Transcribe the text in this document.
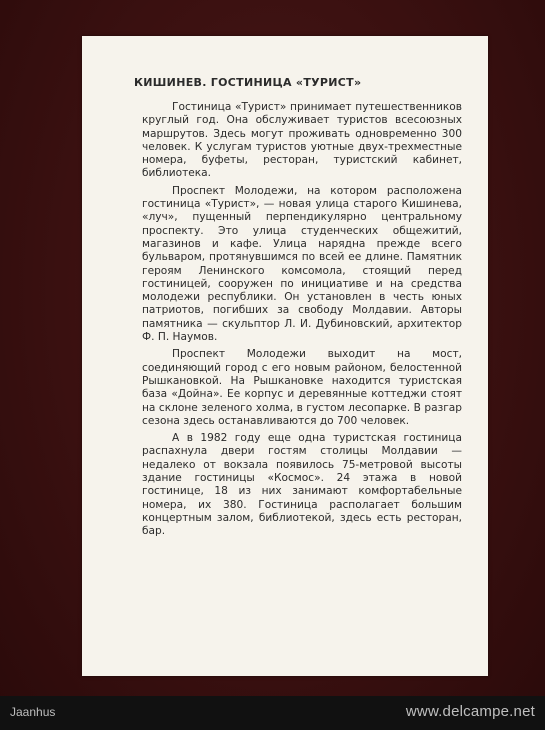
КИШИНЕВ. ГОСТИНИЦА «ТУРИСТ»

Гостиница «Турист» принимает путешественников круглый год. Она обслуживает туристов всесоюзных маршрутов. Здесь могут проживать одновременно 300 человек. К услугам туристов уютные двух-трехместные номера, буфеты, ресторан, туристский кабинет, библиотека.

Проспект Молодежи, на котором расположена гостиница «Турист», — новая улица старого Кишинева, «луч», пущенный перпендикулярно центральному проспекту. Это улица студенческих общежитий, магазинов и кафе. Улица нарядна прежде всего бульваром, протянувшимся по всей ее длине. Памятник героям Ленинского комсомола, стоящий перед гостиницей, сооружен по инициативе и на средства молодежи республики. Он установлен в честь юных патриотов, погибших за свободу Молдавии. Авторы памятника — скульптор Л. И. Дубиновский, архитектор Ф. П. Наумов.

Проспект Молодежи выходит на мост, соединяющий город с его новым районом, белостенной Рышкановкой. На Рышкановке находится туристская база «Дойна». Ее корпус и деревянные коттеджи стоят на склоне зеленого холма, в густом лесопарке. В разгар сезона здесь останавливаются до 700 человек.

А в 1982 году еще одна туристская гостиница распахнула двери гостям столицы Молдавии — недалеко от вокзала появилось 75-метровой высоты здание гостиницы «Космос». 24 этажа в новой гостинице, 18 из них занимают комфортабельные номера, их 380. Гостиница располагает большим концертным залом, библиотекой, здесь есть ресторан, бар.

Jaanhus	www.delcampe.net
